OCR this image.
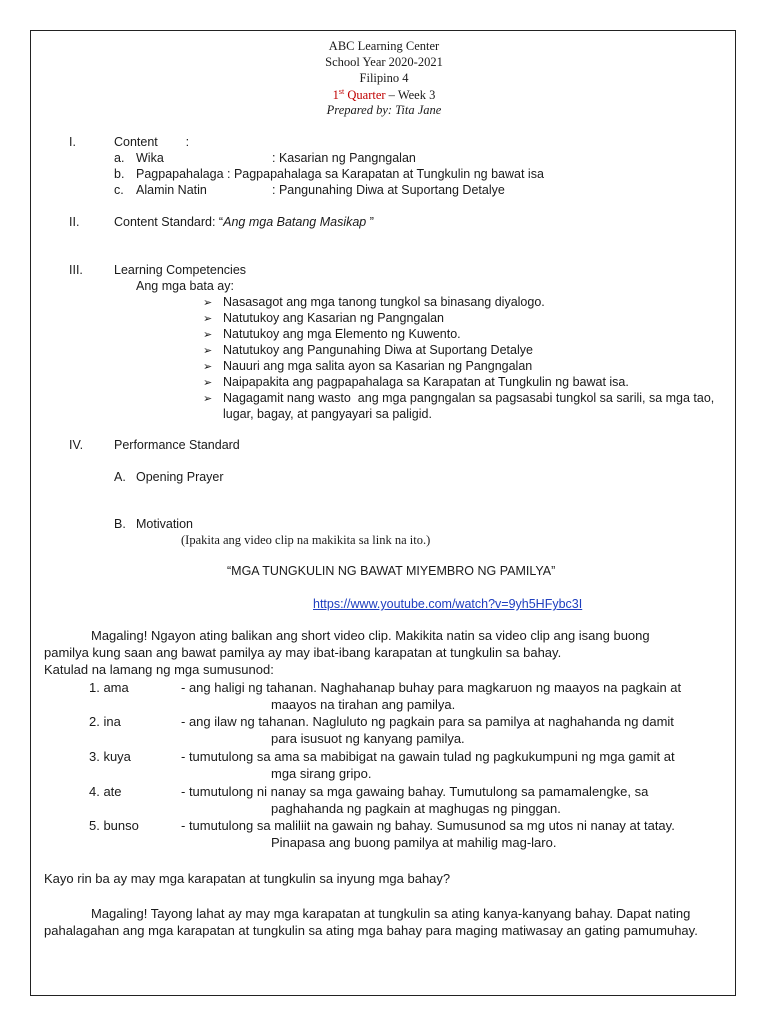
ABC Learning Center
School Year 2020-2021
Filipino 4
1st Quarter – Week 3
Prepared by: Tita Jane
I.	Content        :
a. Wika	: Kasarian ng Pangngalan
b. Pagpapahalaga : Pagpapahalaga sa Karapatan at Tungkulin ng bawat isa
c. Alamin Natin	: Pangunahing Diwa at Suportang Detalye
II.	Content Standard: “Ang mga Batang Masikap ”
III. Learning Competencies
Ang mga bata ay:
➢ Nasasagot ang mga tanong tungkol sa binasang diyalogo.
➢ Natutukoy ang Kasarian ng Pangngalan
➢ Natutukoy ang mga Elemento ng Kuwento.
➢ Natutukoy ang Pangunahing Diwa at Suportang Detalye
➢ Nauuri ang mga salita ayon sa Kasarian ng Pangngalan
➢ Naipapakita ang pagpapahalaga sa Karapatan at Tungkulin ng bawat isa.
➢ Nagagamit nang wasto  ang mga pangngalan sa pagsasabi tungkol sa sarili, sa mga tao,
lugar, bagay, at pangyayari sa paligid.
IV. Performance Standard
A. Opening Prayer
B. Motivation
(Ipakita ang video clip na makikita sa link na ito.)
“MGA TUNGKULIN NG BAWAT MIYEMBRO NG PAMILYA”
https://www.youtube.com/watch?v=9yh5HFybc3I
Magaling! Ngayon ating balikan ang short video clip. Makikita natin sa video clip ang isang buong
pamilya kung saan ang bawat pamilya ay may ibat-ibang karapatan at tungkulin sa bahay.
Katulad na lamang ng mga sumusunod:
1. ama	- ang haligi ng tahanan. Naghahanap buhay para magkaruon ng maayos na pagkain at
maayos na tirahan ang pamilya.
2. ina	- ang ilaw ng tahanan. Nagluluto ng pagkain para sa pamilya at naghahanda ng damit
para isusuot ng kanyang pamilya.
3. kuya	- tumutulong sa ama sa mabibigat na gawain tulad ng pagkukumpuni ng mga gamit at
mga sirang gripo.
4. ate	- tumutulong ni nanay sa mga gawaing bahay. Tumutulong sa pamamalengke, sa
paghahanda ng pagkain at maghugas ng pinggan.
5. bunso	- tumutulong sa maliliit na gawain ng bahay. Sumusunod sa mg utos ni nanay at tatay.
Pinapasa ang buong pamilya at mahilig mag-laro.
Kayo rin ba ay may mga karapatan at tungkulin sa inyung mga bahay?
Magaling! Tayong lahat ay may mga karapatan at tungkulin sa ating kanya-kanyang bahay. Dapat nating
pahalagahan ang mga karapatan at tungkulin sa ating mga bahay para maging matiwasay an gating pamumuhay.
